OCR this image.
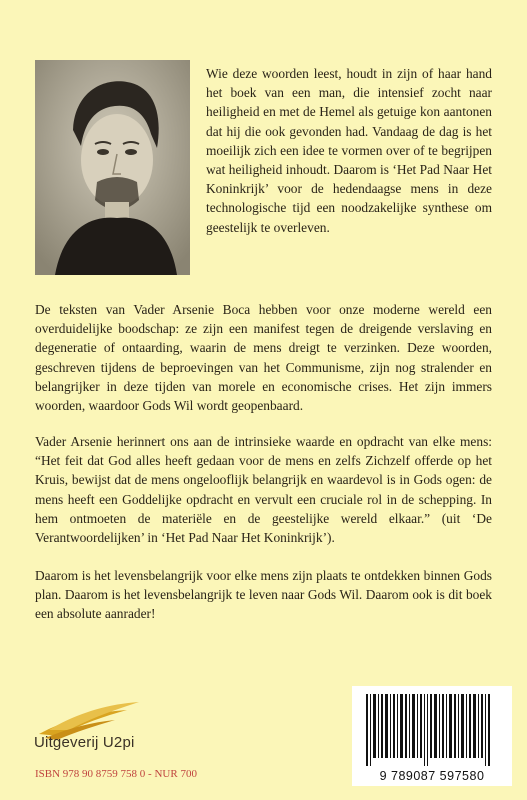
Wie deze woorden leest, houdt in zijn of haar hand het boek van een man, die intensief zocht naar heiligheid en met de Hemel als getuige kon aantonen dat hij die ook gevonden had. Vandaag de dag is het moeilijk zich een idee te vormen over of te begrijpen wat heiligheid inhoudt. Daarom is ‘Het Pad Naar Het Koninkrijk’ voor de hedendaagse mens in deze technologische tijd een noodzakelijke synthese om geestelijk te overleven.

De teksten van Vader Arsenie Boca hebben voor onze moderne wereld een overduidelijke boodschap: ze zijn een manifest tegen de dreigende verslaving en degeneratie of ontaarding, waarin de mens dreigt te verzinken. Deze woorden, geschreven tijdens de beproevingen van het Communisme, zijn nog stralender en belangrijker in deze tijden van morele en economische crises. Het zijn immers woorden, waardoor Gods Wil wordt geopenbaard.

Vader Arsenie herinnert ons aan de intrinsieke waarde en opdracht van elke mens: “Het feit dat God alles heeft gedaan voor de mens en zelfs Zichzelf offerde op het Kruis, bewijst dat de mens ongelooflijk belangrijk en waardevol is in Gods ogen: de mens heeft een Goddelijke opdracht en vervult een cruciale rol in de schepping. In hem ontmoeten de materiële en de geestelijke wereld elkaar.” (uit ‘De Verantwoordelijken’ in ‘Het Pad Naar Het Koninkrijk’).

Daarom is het levensbelangrijk voor elke mens zijn plaats te ontdekken binnen Gods plan. Daarom is het levensbelangrijk te leven naar Gods Wil. Daarom ook is dit boek een absolute aanrader!

Uitgeverij U2pi
ISBN 978 90 8759 758 0 - NUR 700	9 789087 597580
